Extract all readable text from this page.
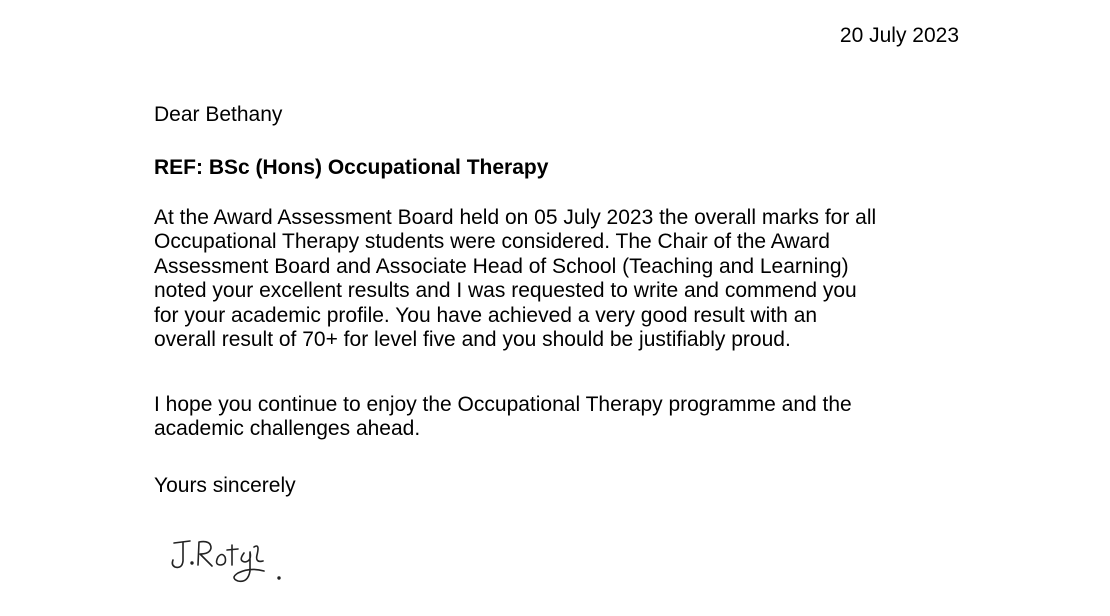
20 July 2023
Dear Bethany
REF: BSc (Hons) Occupational Therapy
At the Award Assessment Board held on 05 July 2023 the overall marks for all
Occupational Therapy students were considered. The Chair of the Award
Assessment Board and Associate Head of School (Teaching and Learning)
noted your excellent results and I was requested to write and commend you
for your academic profile. You have achieved a very good result with an
overall result of 70+ for level five and you should be justifiably proud.
I hope you continue to enjoy the Occupational Therapy programme and the
academic challenges ahead.
Yours sincerely
